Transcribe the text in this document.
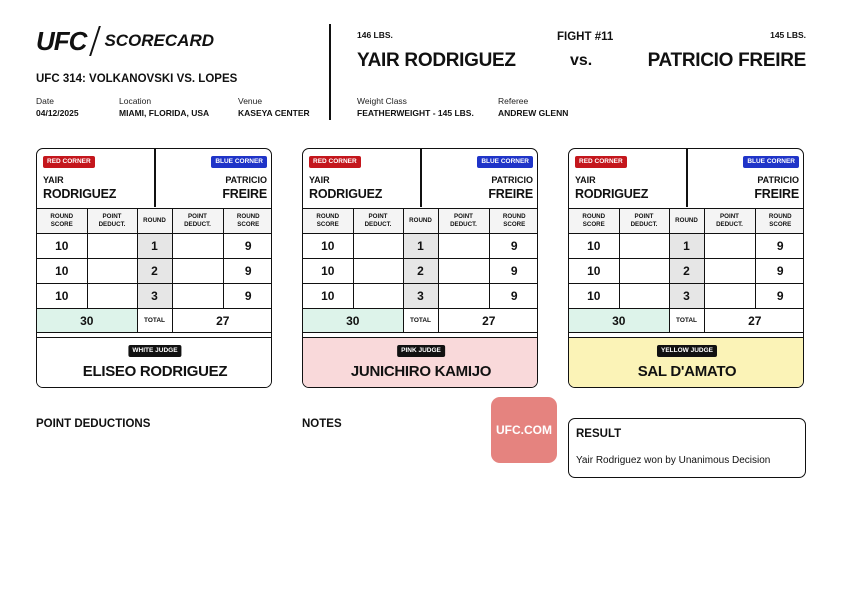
UFC SCORECARD
UFC 314: VOLKANOVSKI VS. LOPES
Date
04/12/2025
Location
MIAMI, FLORIDA, USA
Venue
KASEYA CENTER
146 LBS.
YAIR RODRIGUEZ
FIGHT #11
vs.
145 LBS.
PATRICIO FREIRE
Weight Class
FEATHERWEIGHT - 145 LBS.
Referee
ANDREW GLENN
RED CORNER	BLUE CORNER
YAIR
RODRIGUEZ
PATRICIO
FREIRE
ROUND
SCORE	POINT
DEDUCT.	ROUND	POINT
DEDUCT.	ROUND
SCORE
10		1		9
10		2		9
10		3		9
30		TOTAL	27	
WHITE JUDGE
ELISEO RODRIGUEZ
RED CORNER	BLUE CORNER
YAIR
RODRIGUEZ
PATRICIO
FREIRE
ROUND
SCORE	POINT
DEDUCT.	ROUND	POINT
DEDUCT.	ROUND
SCORE
10		1		9
10		2		9
10		3		9
30		TOTAL	27	
PINK JUDGE
JUNICHIRO KAMIJO
RED CORNER	BLUE CORNER
YAIR
RODRIGUEZ
PATRICIO
FREIRE
ROUND
SCORE	POINT
DEDUCT.	ROUND	POINT
DEDUCT.	ROUND
SCORE
10		1		9
10		2		9
10		3		9
30		TOTAL	27	
YELLOW JUDGE
SAL D'AMATO
POINT DEDUCTIONS	NOTES	UFC.COM	RESULT
Yair Rodriguez won by Unanimous Decision
